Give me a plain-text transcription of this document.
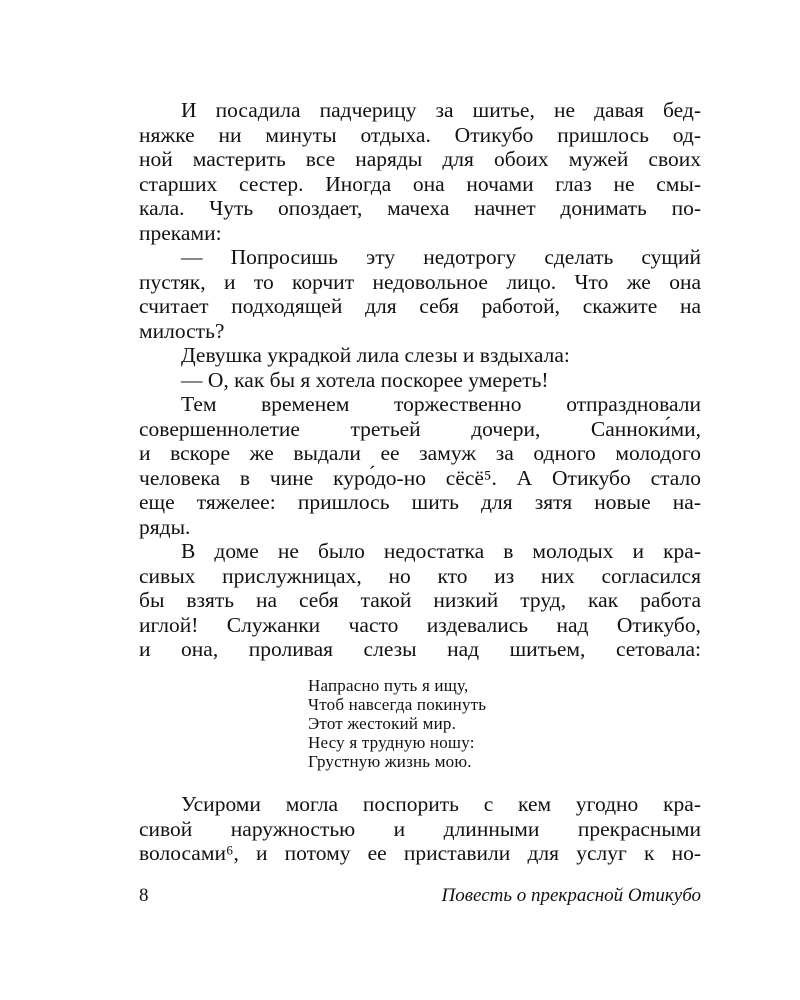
И посадила падчерицу за шитье, не давая бед-
няжке ни минуты отдыха. Отикубо пришлось од-
ной мастерить все наряды для обоих мужей своих
старших сестер. Иногда она ночами глаз не смы-
кала. Чуть опоздает, мачеха начнет донимать по-
преками:
— Попросишь эту недотрогу сделать сущий
пустяк, и то корчит недовольное лицо. Что же она
считает подходящей для себя работой, скажите на
милость?
Девушка украдкой лила слезы и вздыхала:
— О, как бы я хотела поскорее умереть!
Тем временем торжественно отпраздновали
совершеннолетие третьей дочери, Санноки́ми,
и вскоре же выдали ее замуж за одного молодого
человека в чине куро́до-но сёсё⁵. А Отикубо стало
еще тяжелее: пришлось шить для зятя новые на-
ряды.
В доме не было недостатка в молодых и кра-
сивых прислужницах, но кто из них согласился
бы взять на себя такой низкий труд, как работа
иглой! Служанки часто издевались над Отикубо,
и она, проливая слезы над шитьем, сетовала:
Напрасно путь я ищу,
Чтоб навсегда покинуть
Этот жестокий мир.
Несу я трудную ношу:
Грустную жизнь мою.
Усироми могла поспорить с кем угодно кра-
сивой наружностью и длинными прекрасными
волосами⁶, и потому ее приставили для услуг к но-
8	Повесть о прекрасной Отикубо
